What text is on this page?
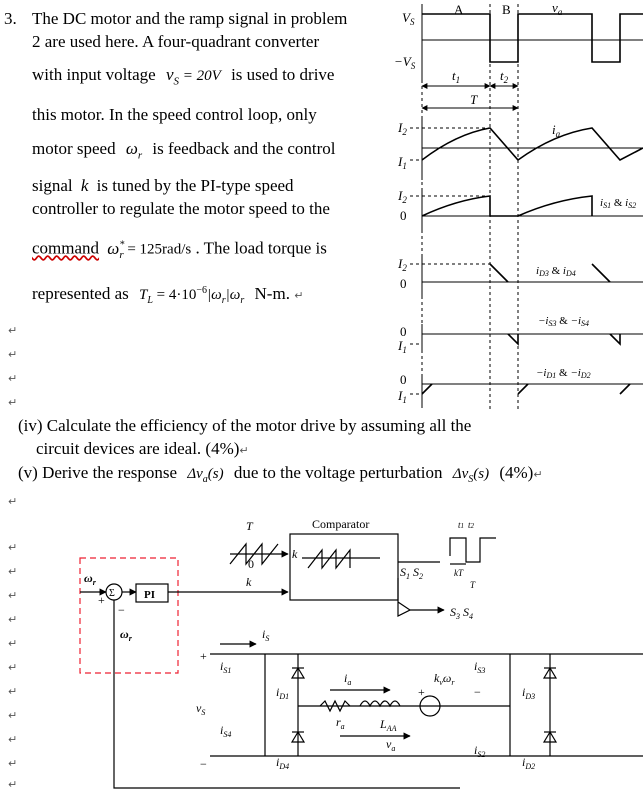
3. The DC motor and the ramp signal in problem
2 are used here. A four-quadrant converter
with input voltage $v_S = 20V$ is used to drive
this motor. In the speed control loop, only
motor speed $\omega_r$ is feedback and the control
signal k is tuned by the PI-type speed
controller to regulate the motor speed to the
command $\omega^*_r = 125rad/s$ . The load torque is
represented as $T_L = 4\cdot 10^{-6}|\omega_r|\omega_r$ N-m. ↵
↵
↵
↵
↵
(iv) Calculate the efficiency of the motor drive by assuming all the
circuit devices are ideal. (4%)↵
(v) Derive the response $\Delta v_a(s)$ due to the voltage perturbation $\Delta v_S(s)$ (4%)↵
↵
↵
↵
↵
↵
↵
↵
↵
↵
↵
↵
↵
A	B	$v_a$
$V_S$
$-V_S$
$t_1$	$t_2$
T
$I_2$
$I_1$
$i_a$
$I_2$
0
iS1 & iS2
$I_2$
0
iD3 & iD4
0
$I_1$
−iS3 & −iS4
0
$I_1$
−iD1 & −iD2
Comparator
T
0
k
k
Σ	PI
+
−
$\omega_r$
$\omega_r$
t1 t2
kT
T
$S_1$ $S_2$
$S_3$ $S_4$
$i_S$
$v_S$
+
−
$i_{S1}$
$i_{D1}$
$i_{S4}$
$i_{D4}$
$i_a$
$r_a$	$L_{AA}$
$v_a$
$k_v\omega_r$
+	−
$i_{S3}$
$i_{D3}$
$i_{S2}$
$i_{D2}$
